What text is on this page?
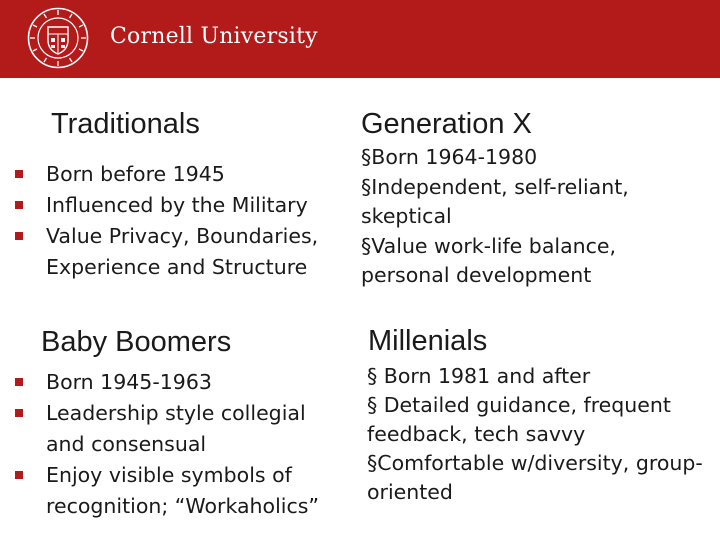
Cornell University
Traditionals
Born before 1945
Influenced by the Military
Value Privacy, Boundaries, Experience and Structure
Generation X
§Born 1964-1980
§Independent, self-reliant,
skeptical
§Value work-life balance,
personal development
Baby Boomers
Born 1945-1963
Leadership style collegial and consensual
Enjoy visible symbols of recognition; “Workaholics”
Millenials
§ Born 1981 and after
§ Detailed guidance, frequent
feedback, tech savvy
§Comfortable w/diversity, group-
oriented
